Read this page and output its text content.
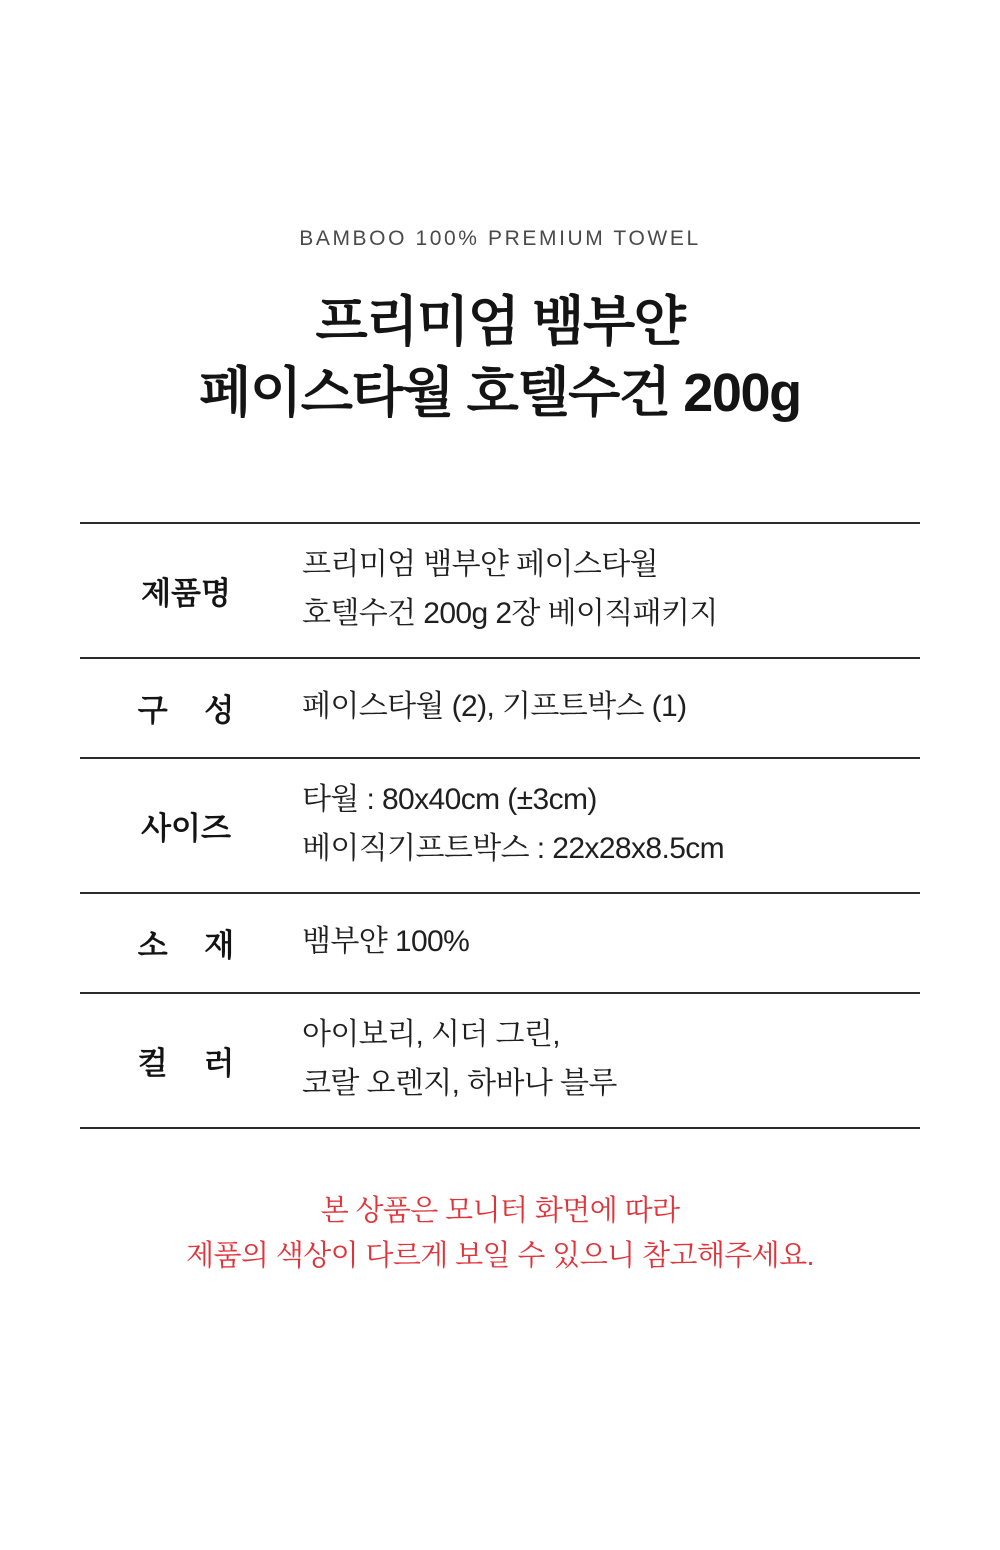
BAMBOO 100% PREMIUM TOWEL
프리미엄 뱀부얀
페이스타월 호텔수건 200g
제품명
프리미엄 뱀부얀 페이스타월
호텔수건 200g 2장 베이직패키지
구 성	페이스타월 (2), 기프트박스 (1)
사이즈
타월 : 80x40cm (±3cm)
베이직기프트박스 : 22x28x8.5cm
소 재	뱀부얀 100%
컬 러
아이보리, 시더 그린,
코랄 오렌지, 하바나 블루
본 상품은 모니터 화면에 따라
제품의 색상이 다르게 보일 수 있으니 참고해주세요.
